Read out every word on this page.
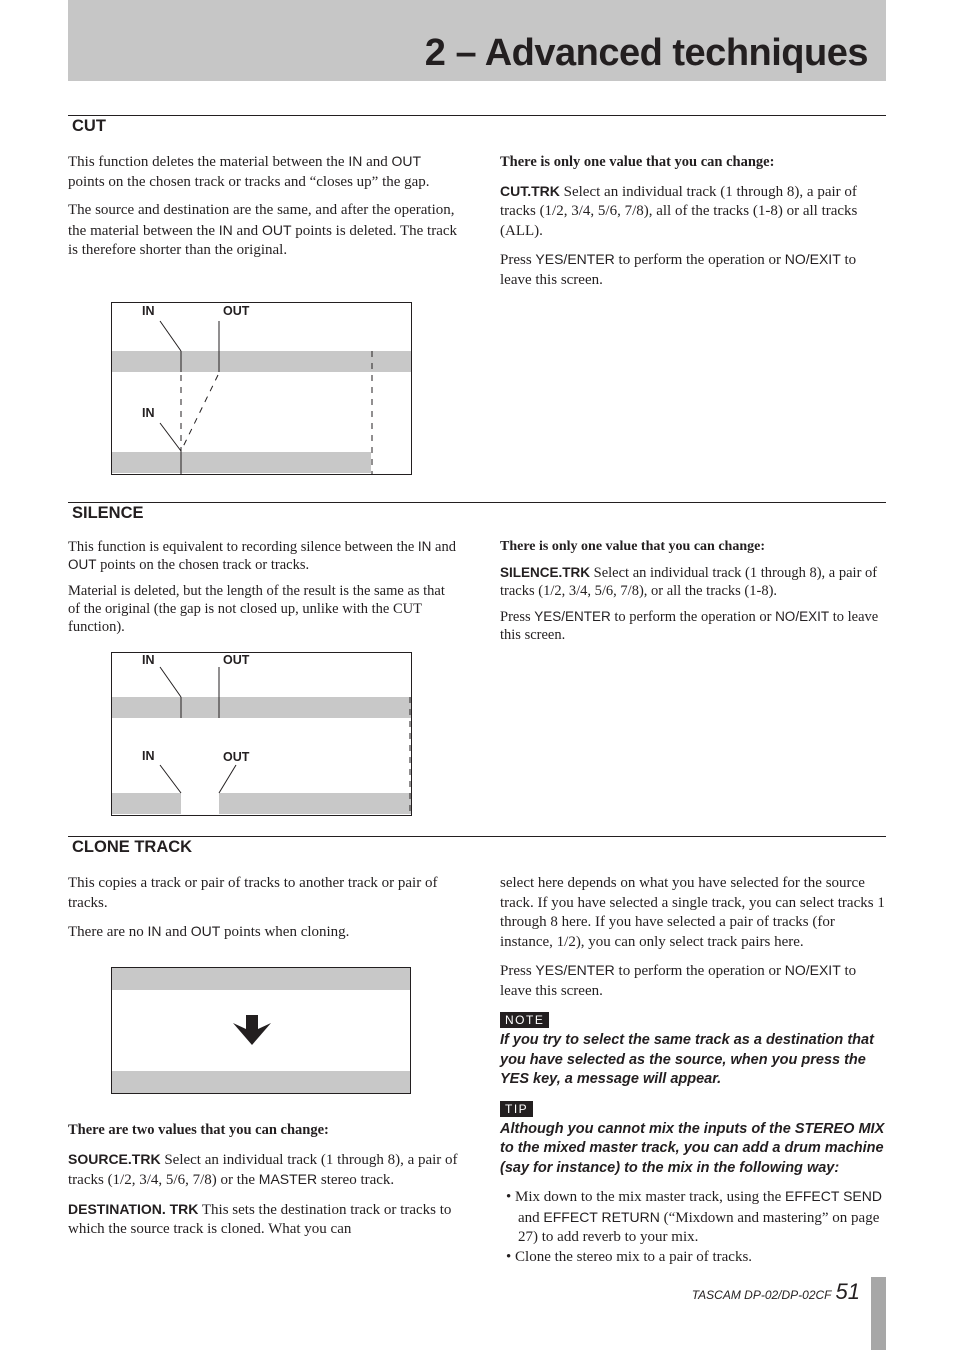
2 – Advanced techniques
CUT

This function deletes the material between the IN and OUT points on the chosen track or tracks and “closes up” the gap.

The source and destination are the same, and after the operation, the material between the IN and OUT points is deleted. The track is therefore shorter than the original.

IN	OUT
IN

There is only one value that you can change:

CUT.TRK Select an individual track (1 through 8), a pair of tracks (1/2, 3/4, 5/6, 7/8), all of the tracks (1-8) or all tracks (ALL).

Press YES/ENTER to perform the operation or NO/EXIT to leave this screen.

SILENCE

This function is equivalent to recording silence between the IN and OUT points on the chosen track or tracks.

Material is deleted, but the length of the result is the same as that of the original (the gap is not closed up, unlike with the CUT function).

IN	OUT
IN	OUT

There is only one value that you can change:

SILENCE.TRK Select an individual track (1 through 8), a pair of tracks (1/2, 3/4, 5/6, 7/8), or all the tracks (1-8).

Press YES/ENTER to perform the operation or NO/EXIT to leave this screen.

CLONE TRACK

This copies a track or pair of tracks to another track or pair of tracks.

There are no IN and OUT points when cloning.

There are two values that you can change:

SOURCE.TRK Select an individual track (1 through 8), a pair of tracks (1/2, 3/4, 5/6, 7/8) or the MASTER stereo track.

DESTINATION. TRK This sets the destination track or tracks to which the source track is cloned. What you can

select here depends on what you have selected for the source track. If you have selected a single track, you can select tracks 1 through 8 here. If you have selected a pair of tracks (for instance, 1/2), you can only select track pairs here.

Press YES/ENTER to perform the operation or NO/EXIT to leave this screen.

NOTE

If you try to select the same track as a destination that you have selected as the source, when you press the YES key, a message will appear.

TIP

Although you cannot mix the inputs of the STEREO MIX to the mixed master track, you can add a drum machine (say for instance) to the mix in the following way:

• Mix down to the mix master track, using the EFFECT SEND and EFFECT RETURN (“Mixdown and mastering” on page 27) to add reverb to your mix.

• Clone the stereo mix to a pair of tracks.

TASCAM DP-02/DP-02CF 51
